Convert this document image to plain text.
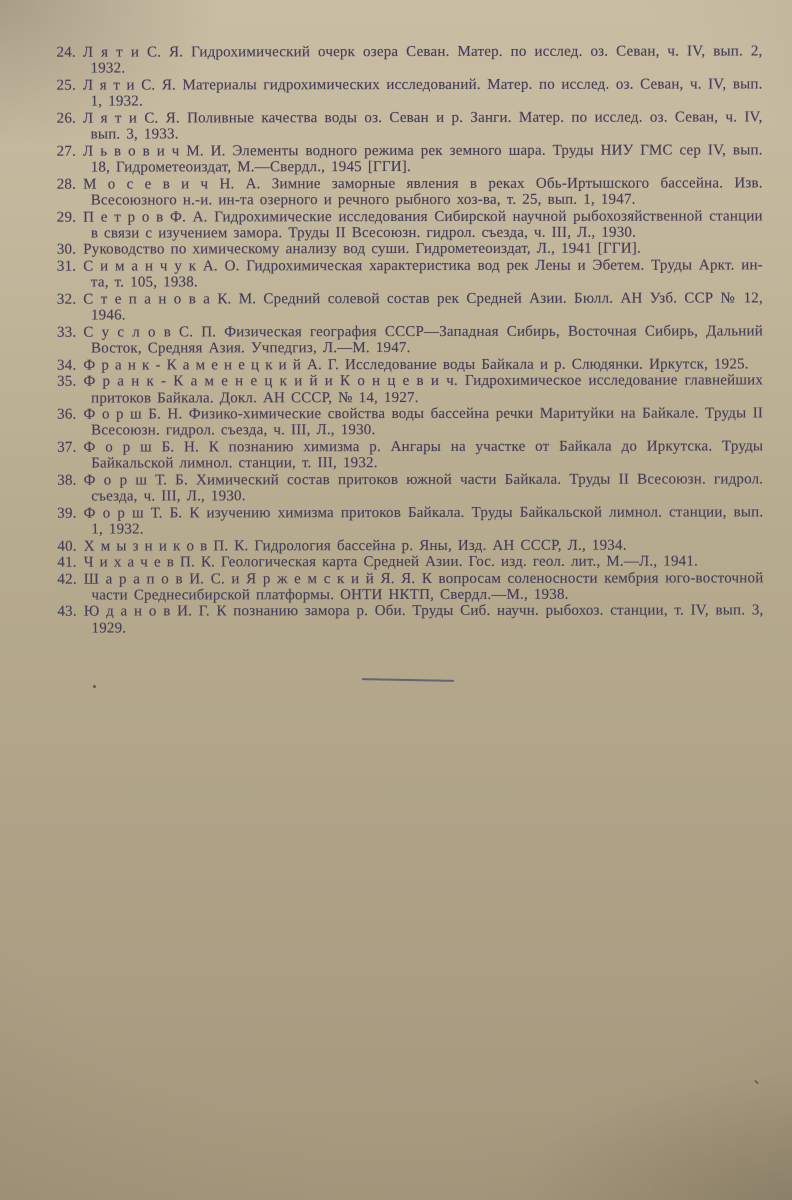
24. Л я т и С. Я. Гидрохимический очерк озера Севан. Матер. по исслед. оз. Севан, ч. IV, вып. 2, 1932.
25. Л я т и С. Я. Материалы гидрохимических исследований. Матер. по исслед. оз. Севан, ч. IV, вып. 1, 1932.
26. Л я т и С. Я. Поливные качества воды оз. Севан и р. Занги. Матер. по исслед. оз. Севан, ч. IV, вып. 3, 1933.
27. Л ь в о в и ч М. И. Элементы водного режима рек земного шара. Труды НИУ ГМС сер IV, вып. 18, Гидрометеоиздат, М.—Свердл., 1945 [ГГИ].
28. М о с е в и ч Н. А. Зимние заморные явления в реках Обь-Иртышского бассейна. Изв. Всесоюзного н.-и. ин-та озерного и речного рыбного хоз-ва, т. 25, вып. 1, 1947.
29. П е т р о в Ф. А. Гидрохимические исследования Сибирской научной рыбохозяйственной станции в связи с изучением замора. Труды II Всесоюзн. гидрол. съезда, ч. III, Л., 1930.
30. Руководство по химическому анализу вод суши. Гидрометеоиздат, Л., 1941 [ГГИ].
31. С и м а н ч у к А. О. Гидрохимическая характеристика вод рек Лены и Эбетем. Труды Аркт. ин-та, т. 105, 1938.
32. С т е п а н о в а К. М. Средний солевой состав рек Средней Азии. Бюлл. АН Узб. ССР № 12, 1946.
33. С у с л о в С. П. Физическая география СССР—Западная Сибирь, Восточная Сибирь, Дальний Восток, Средняя Азия. Учпедгиз, Л.—М. 1947.
34. Ф р а н к - К а м е н е ц к и й А. Г. Исследование воды Байкала и р. Слюдянки. Иркутск, 1925.
35. Ф р а н к - К а м е н е ц к и й и К о н ц е в и ч. Гидрохимическое исследование главнейших притоков Байкала. Докл. АН СССР, № 14, 1927.
36. Ф о р ш Б. Н. Физико-химические свойства воды бассейна речки Маритуйки на Байкале. Труды II Всесоюзн. гидрол. съезда, ч. III, Л., 1930.
37. Ф о р ш Б. Н. К познанию химизма р. Ангары на участке от Байкала до Иркутска. Труды Байкальской лимнол. станции, т. III, 1932.
38. Ф о р ш Т. Б. Химический состав притоков южной части Байкала. Труды II Всесоюзн. гидрол. съезда, ч. III, Л., 1930.
39. Ф о р ш Т. Б. К изучению химизма притоков Байкала. Труды Байкальской лимнол. станции, вып. 1, 1932.
40. Х м ы з н и к о в П. К. Гидрология бассейна р. Яны, Изд. АН СССР, Л., 1934.
41. Ч и х а ч е в П. К. Геологическая карта Средней Азии. Гос. изд. геол. лит., М.—Л., 1941.
42. Ш а р а п о в И. С. и Я р ж е м с к и й Я. Я. К вопросам соленосности кембрия юго-восточной части Среднесибирской платформы. ОНТИ НКТП, Свердл.—М., 1938.
43. Ю д а н о в И. Г. К познанию замора р. Оби. Труды Сиб. научн. рыбохоз. станции, т. IV, вып. 3, 1929.
